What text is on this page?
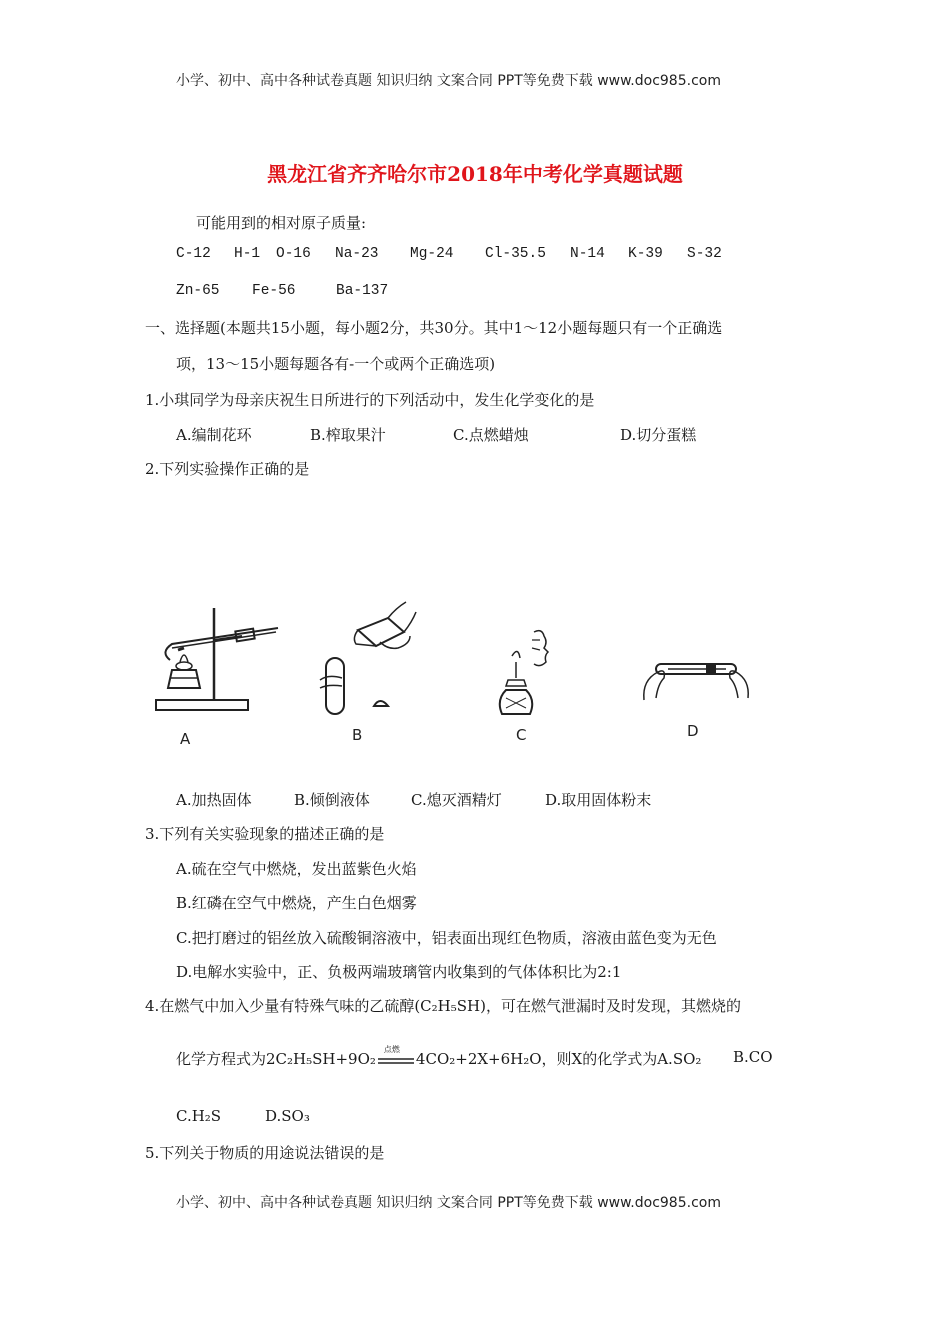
小学、初中、高中各种试卷真题 知识归纳 文案合同 PPT等免费下载 www.doc985.com
黑龙江省齐齐哈尔市2018年中考化学真题试题
可能用到的相对原子质量:
C-12 H-1 O-16 Na-23 Mg-24 Cl-35.5 N-14 K-39 S-32
Zn-65 Fe-56	Ba-137
一、选择题(本题共15小题，每小题2分，共30分。其中1～12小题每题只有一个正确选
项，13～15小题每题各有-一个或两个正确选项)
1.小琪同学为母亲庆祝生日所进行的下列活动中，发生化学变化的是
A.编制花环	B.榨取果汁	C.点燃蜡烛	D.切分蛋糕
2.下列实验操作正确的是
A	B	C	D
A.加热固体	B.倾倒液体	C.熄灭酒精灯	D.取用固体粉末
3.下列有关实验现象的描述正确的是
A.硫在空气中燃烧，发出蓝紫色火焰
B.红磷在空气中燃烧，产生白色烟雾
C.把打磨过的铝丝放入硫酸铜溶液中，铝表面出现红色物质，溶液由蓝色变为无色
D.电解水实验中，正、负极两端玻璃管内收集到的气体体积比为2:1
4.在燃气中加入少量有特殊气味的乙硫醇(C₂H₅SH)，可在燃气泄漏时及时发现，其燃烧的
化学方程式为2C₂H₅SH+9O₂
点燃
4CO₂+2X+6H₂O，则X的化学式为A.SO₂ B.CO
C.H₂S	D.SO₃
5.下列关于物质的用途说法错误的是
小学、初中、高中各种试卷真题 知识归纳 文案合同 PPT等免费下载 www.doc985.com
